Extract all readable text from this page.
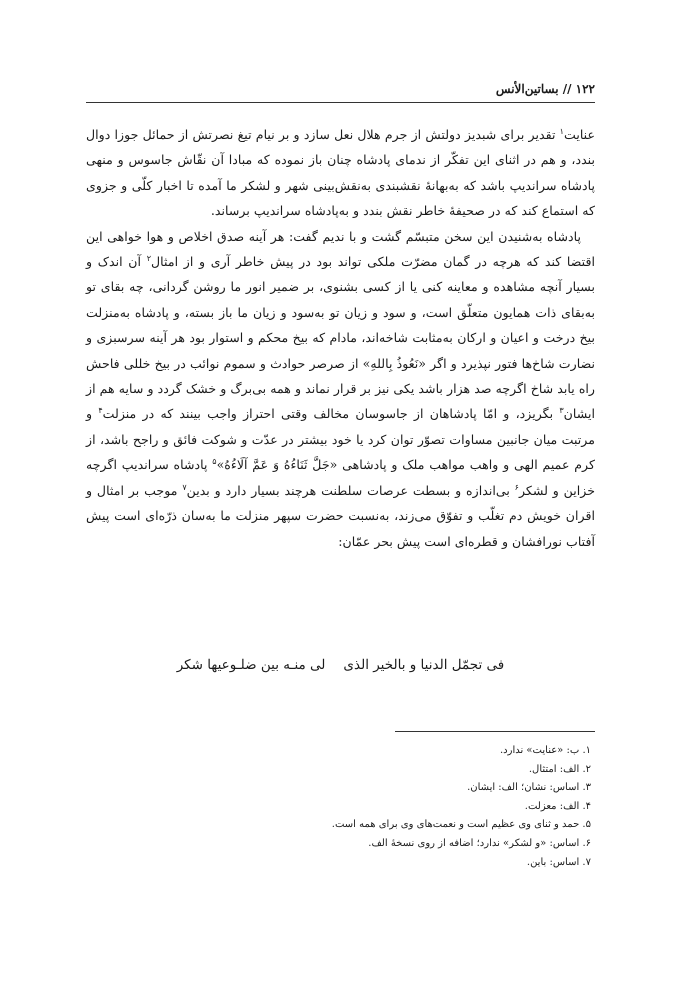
۱۲۲ // بساتین‌الأنس

عنایت$^۱$ تقدیر برای شبدیز دولتش از جرم هلال نعل سازد و بر نیام تیغ نصرتش از حمائل جوزا دوال بندد، و هم در اثنای این تفکّر از ندمای پادشاه چنان باز نموده که مبادا آن نقّاش جاسوس و منهی پادشاه سراندیپ باشد که به‌بهانهٔ نقشبندی به‌نقش‌بینی شهر و لشکر ما آمده تا اخبار کلّی و جزوی که استماع کند که در صحیفهٔ خاطر نقش بندد و به‌پادشاه سراندیپ برساند.

پادشاه به‌شنیدن این سخن متبسّم گشت و با ندیم گفت: هر آینه صدق اخلاص و هوا خواهی این اقتضا کند که هرچه در گمان مضرّت ملکی تواند بود در پیش خاطر آری و از امثال$^۲$ آن اندک و بسیار آنچه مشاهده و معاینه کنی یا از کسی بشنوی، بر ضمیر انور ما روشن گردانی، چه بقای تو به‌بقای ذات همایون متعلّق است، و سود و زیان تو به‌سود و زیان ما باز بسته، و پادشاه به‌منزلت بیخ درخت و اعیان و ارکان به‌مثابت شاخه‌اند، مادام که بیخ محکم و استوار بود هر آینه سرسبزی و نضارت شاخ‌ها فتور نپذیرد و اگر «نَعُوذُ بِاللهِ» از صرصر حوادث و سموم نوائب در بیخ خللی فاحش راه یابد شاخ اگرچه صد هزار باشد یکی نیز بر قرار نماند و همه بی‌برگ و خشک گردد و سایه هم از ایشان$^۳$ بگریزد، و امّا پادشاهان از جاسوسان مخالف وقتی احتراز واجب بینند که در منزلت$^۴$ و مرتبت میان جانبین مساوات تصوّر توان کرد یا خود بیشتر در عدّت و شوکت فائق و راجح باشد، از کرم عمیم الهی و واهب مواهب ملک و پادشاهی «جَلَّ ثَنَاءُهُ وَ عَمَّ آلَاءُهُ»$^۵$ پادشاه سراندیپ اگرچه خزاین و لشکر$^۶$ بی‌اندازه و بسطت عرصات سلطنت هرچند بسیار دارد و بدین$^۷$ موجب بر امثال و اقران خویش دم تغلّب و تفوّق می‌زند، به‌نسبت حضرت سپهر منزلت ما به‌سان ذرّه‌ای است پیش آفتاب نورافشان و قطره‌ای است پیش بحر عمّان:

فی تجمّل الدنیا و بالخیر الذیلی منـه بین ضلـوعیها شکر
۱. ب: «عنایت» ندارد.
۲. الف: امتثال.
۳. اساس: نشان؛ الف: ایشان.
۴. الف: معزلت.
۵. حمد و ثنای وی عظیم است و نعمت‌های وی برای همه است.
۶. اساس: «و لشکر» ندارد؛ اضافه از روی نسخهٔ الف.
۷. اساس: باین.
